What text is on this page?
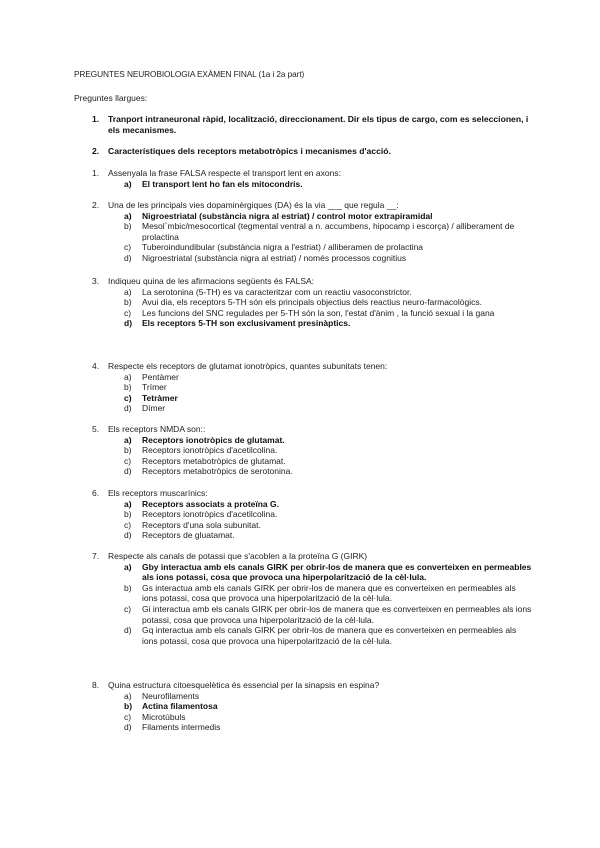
PREGUNTES NEUROBIOLOGIA EXÀMEN FINAL (1a i 2a part)
Preguntes llargues:
1. Tranport intraneuronal ràpid, localització, direccionament. Dir els tipus de cargo, com es seleccionen, i els mecanismes.
2. Característiques dels receptors metabotròpics i mecanismes d'acció.
1. Assenyala la frase FALSA respecte el transport lent en axons:
a) El transport lent ho fan els mitocondris.
2. Una de les principals vies dopaminèrgiques (DA) és la via ___ que regula __:
a) Nigroestriatal (substància nigra al estriat) / control motor extrapiramidal
b) Mesol`mbic/mesocortical (tegmental ventral a n. accumbens, hipocamp i escorça) / alliberament de prolactina
c) Tuberoindundibular (substància nigra a l'estriat) / alliberamen de prolactina
d) Nigroestriatal (substància nigra al estriat) / només processos cognitius
3. Indiqueu quina de les afirmacions següents és FALSA:
a) La serotonina (5-TH) es va caracteritzar com un reactiu vasoconstrictor.
b) Avui dia, els receptors 5-TH són els principals objectius dels reactius neuro-farmacològics.
c) Les funcions del SNC regulades per 5-TH són la son, l'estat d'ànim , la funció sexual i la gana
d) Els receptors 5-TH son exclusivament presinàptics.
4. Respecte els receptors de glutamat ionotròpics, quantes subunitats tenen:
a) Pentàmer
b) Trímer
c) Tetràmer
d) Dímer
5. Els receptors NMDA son::
a) Receptors ionotròpics de glutamat.
b) Receptors ionotròpics d'acetilcolina.
c) Receptors metabotròpics de glutamat.
d) Receptors metabotròpics de serotonina.
6. Els receptors muscarínics:
a) Receptors associats a proteïna G.
b) Receptors ionotròpics d'acetilcolina.
c) Receptors d'una sola subunitat.
d) Receptors de gluatamat.
7. Respecte als canals de potassi que s'acoblen a la proteïna G (GIRK)
a) Gby interactua amb els canals GIRK per obrir-los de manera que es converteixen en permeables als ions potassi, cosa que provoca una hiperpolarització de la cèl·lula.
b) Gs interactua amb els canals GIRK per obrir-los de manera que es converteixen en permeables als ions potassi, cosa que provoca una hiperpolarització de la cèl·lula.
c) Gi interactua amb els canals GIRK per obrir-los de manera que es converteixen en permeables als ions potassi, cosa que provoca una hiperpolarització de la cèl·lula.
d) Gq interactua amb els canals GIRK per obrir-los de manera que es converteixen en permeables als ions potassi, cosa que provoca una hiperpolarització de la cèl·lula.
8. Quina estructura citoesquelètica és essencial per la sinapsis en espina?
a) Neurofilaments
b) Actina filamentosa
c) Microtúbuls
d) Filaments intermedis
